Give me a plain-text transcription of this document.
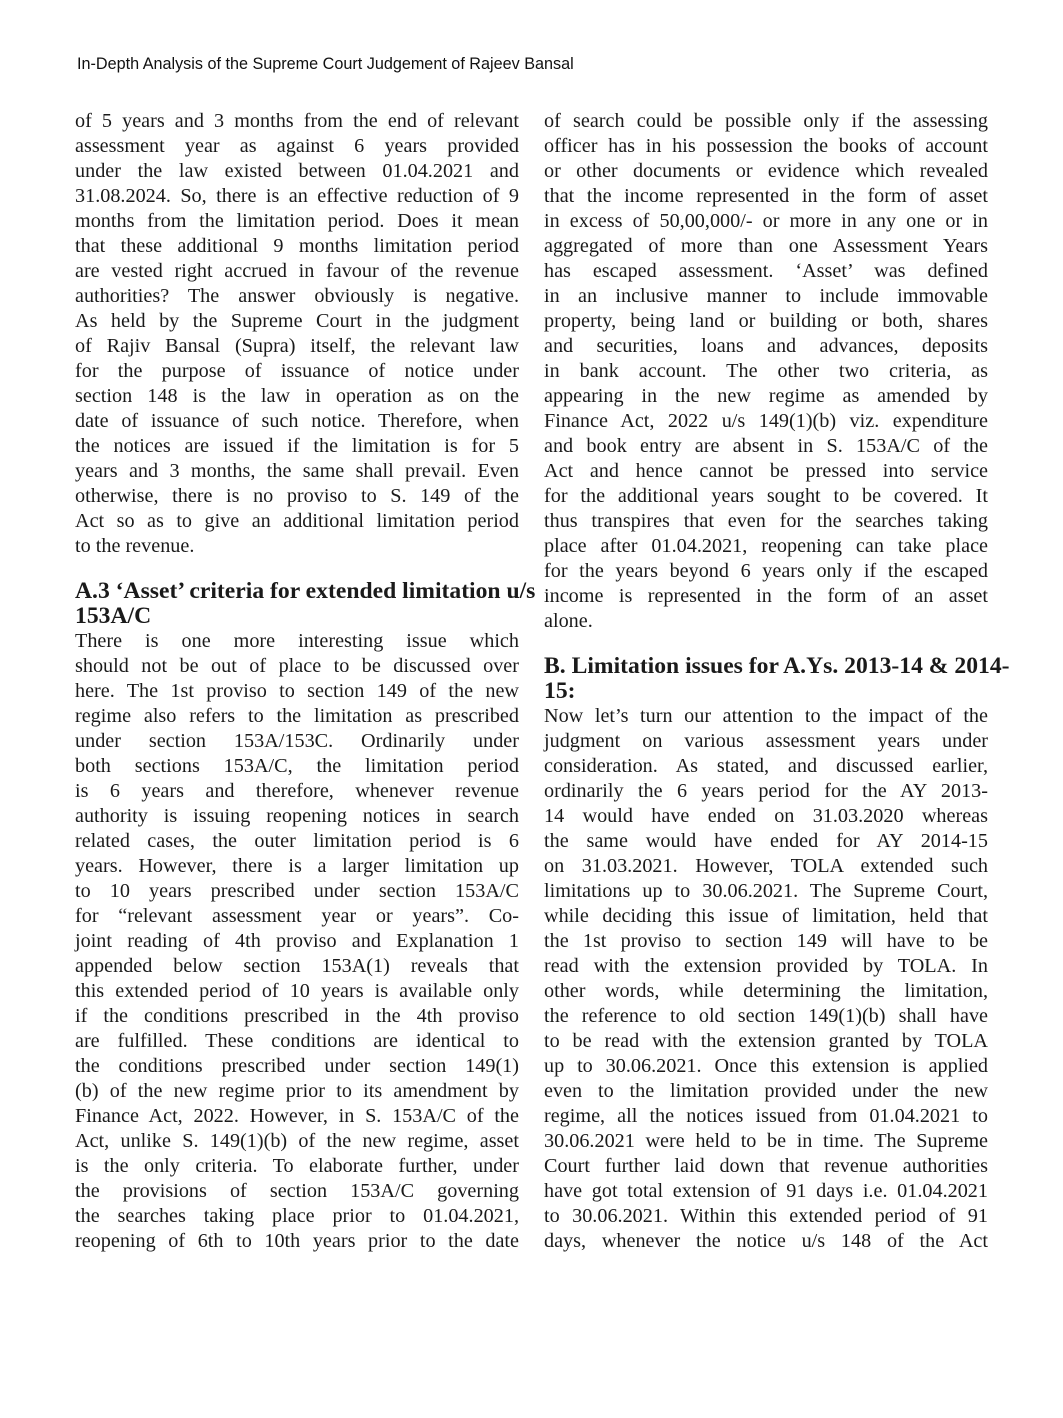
In-Depth Analysis of the Supreme Court Judgement of Rajeev Bansal

of 5 years and 3 months from the end of relevant
assessment year as against 6 years provided
under the law existed between 01.04.2021 and
31.08.2024. So, there is an effective reduction of 9
months from the limitation period. Does it mean
that these additional 9 months limitation period
are vested right accrued in favour of the revenue
authorities? The answer obviously is negative.
As held by the Supreme Court in the judgment
of Rajiv Bansal (Supra) itself, the relevant law
for the purpose of issuance of notice under
section 148 is the law in operation as on the
date of issuance of such notice. Therefore, when
the notices are issued if the limitation is for 5
years and 3 months, the same shall prevail. Even
otherwise, there is no proviso to S. 149 of the
Act so as to give an additional limitation period
to the revenue.

A.3 ‘Asset’ criteria for extended limitation u/s
153A/C

There is one more interesting issue which
should not be out of place to be discussed over
here. The 1st proviso to section 149 of the new
regime also refers to the limitation as prescribed
under section 153A/153C. Ordinarily under
both sections 153A/C, the limitation period
is 6 years and therefore, whenever revenue
authority is issuing reopening notices in search
related cases, the outer limitation period is 6
years. However, there is a larger limitation up
to 10 years prescribed under section 153A/C
for “relevant assessment year or years”. Co-
joint reading of 4th proviso and Explanation 1
appended below section 153A(1) reveals that
this extended period of 10 years is available only
if the conditions prescribed in the 4th proviso
are fulfilled. These conditions are identical to
the conditions prescribed under section 149(1)
(b) of the new regime prior to its amendment by
Finance Act, 2022. However, in S. 153A/C of the
Act, unlike S. 149(1)(b) of the new regime, asset
is the only criteria. To elaborate further, under
the provisions of section 153A/C governing
the searches taking place prior to 01.04.2021,
reopening of 6th to 10th years prior to the date

of search could be possible only if the assessing
officer has in his possession the books of account
or other documents or evidence which revealed
that the income represented in the form of asset
in excess of 50,00,000/- or more in any one or in
aggregated of more than one Assessment Years
has escaped assessment. ‘Asset’ was defined
in an inclusive manner to include immovable
property, being land or building or both, shares
and securities, loans and advances, deposits
in bank account. The other two criteria, as
appearing in the new regime as amended by
Finance Act, 2022 u/s 149(1)(b) viz. expenditure
and book entry are absent in S. 153A/C of the
Act and hence cannot be pressed into service
for the additional years sought to be covered. It
thus transpires that even for the searches taking
place after 01.04.2021, reopening can take place
for the years beyond 6 years only if the escaped
income is represented in the form of an asset
alone.

B. Limitation issues for A.Ys. 2013-14 & 2014-
15:

Now let’s turn our attention to the impact of the
judgment on various assessment years under
consideration. As stated, and discussed earlier,
ordinarily the 6 years period for the AY 2013-
14 would have ended on 31.03.2020 whereas
the same would have ended for AY 2014-15
on 31.03.2021. However, TOLA extended such
limitations up to 30.06.2021. The Supreme Court,
while deciding this issue of limitation, held that
the 1st proviso to section 149 will have to be
read with the extension provided by TOLA. In
other words, while determining the limitation,
the reference to old section 149(1)(b) shall have
to be read with the extension granted by TOLA
up to 30.06.2021. Once this extension is applied
even to the limitation provided under the new
regime, all the notices issued from 01.04.2021 to
30.06.2021 were held to be in time. The Supreme
Court further laid down that revenue authorities
have got total extension of 91 days i.e. 01.04.2021
to 30.06.2021. Within this extended period of 91
days, whenever the notice u/s 148 of the Act
